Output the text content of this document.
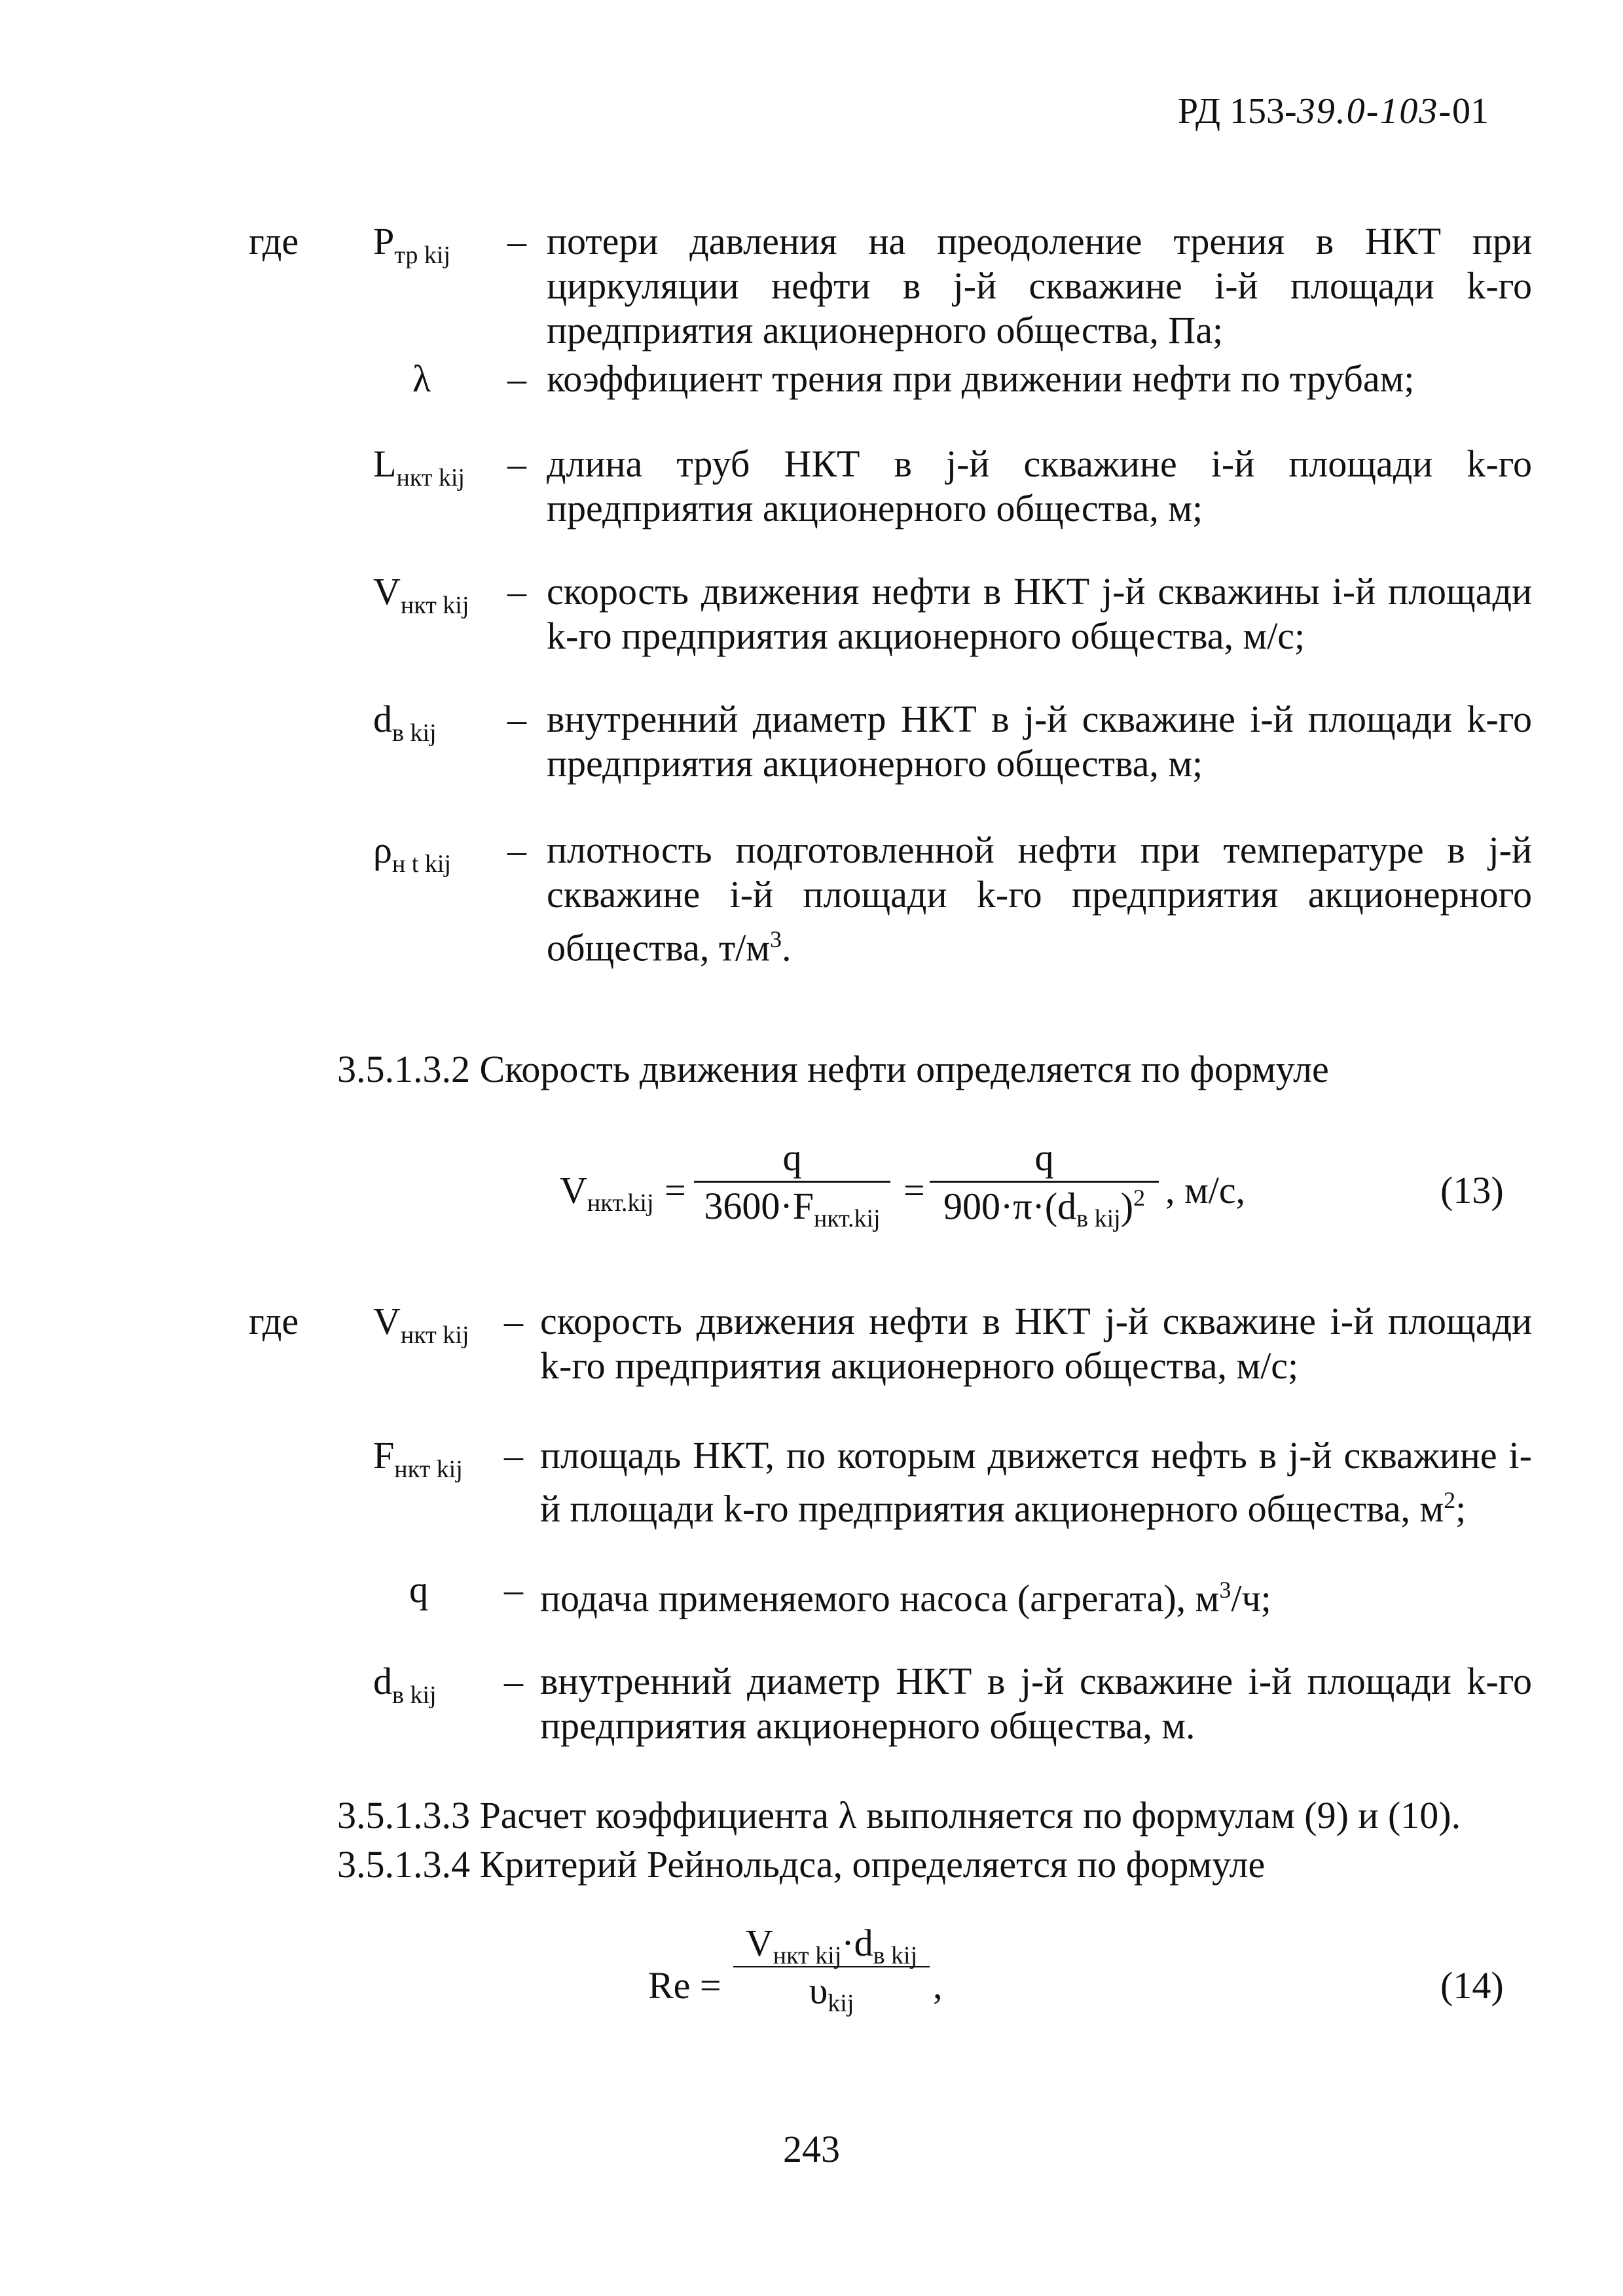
РД 153-39.0-103-01
где $P_{тр kij}$	– потери давления на преодоление трения в НКТ при циркуляции нефти в j-й скважине i-й площади k-го предприятия акционерного общества, Па;
λ	– коэффициент трения при движении нефти по трубам;
$L_{нкт kij}$	– длина труб НКТ в j-й скважине i-й площади k-го предприятия акционерного общества, м;
$V_{нкт kij}$	– скорость движения нефти в НКТ j-й скважины i-й площади k-го предприятия акционерного общества, м/с;
$d_{в kij}$	– внутренний диаметр НКТ в j-й скважине i-й площади k-го предприятия акционерного общества, м;
$\rho_{н t kij}$	– плотность подготовленной нефти при температуре в j-й скважине i-й площади k-го предприятия акционерного общества, $т/м^3$.
3.5.1.3.2 Скорость движения нефти определяется по формуле
$V_{нкт.kij}$ =
q
$3600\cdot F_{нкт.kij}$
=
q
$900\cdot\pi\cdot(d_{в kij})^2$ , м/с,	(13)
где $V_{нкт kij}$ – скорость движения нефти в НКТ j-й скважине i-й площади k-го предприятия акционерного общества, м/с;
$F_{нкт kij}$	– площадь НКТ, по которым движется нефть в j-й скважине i-й площади k-го предприятия акционерного общества, $м^2$;
q	– подача применяемого насоса (агрегата), $м^3/ч$;
$d_{в kij}$	– внутренний диаметр НКТ в j-й скважине i-й площади k-го предприятия акционерного общества, м.
3.5.1.3.3 Расчет коэффициента λ выполняется по формулам (9) и (10).
3.5.1.3.4 Критерий Рейнольдса, определяется по формуле
Re =
$V_{нкт kij}\cdot d_{в kij}$
$\upsilon_{kij}$	,	(14)
243
